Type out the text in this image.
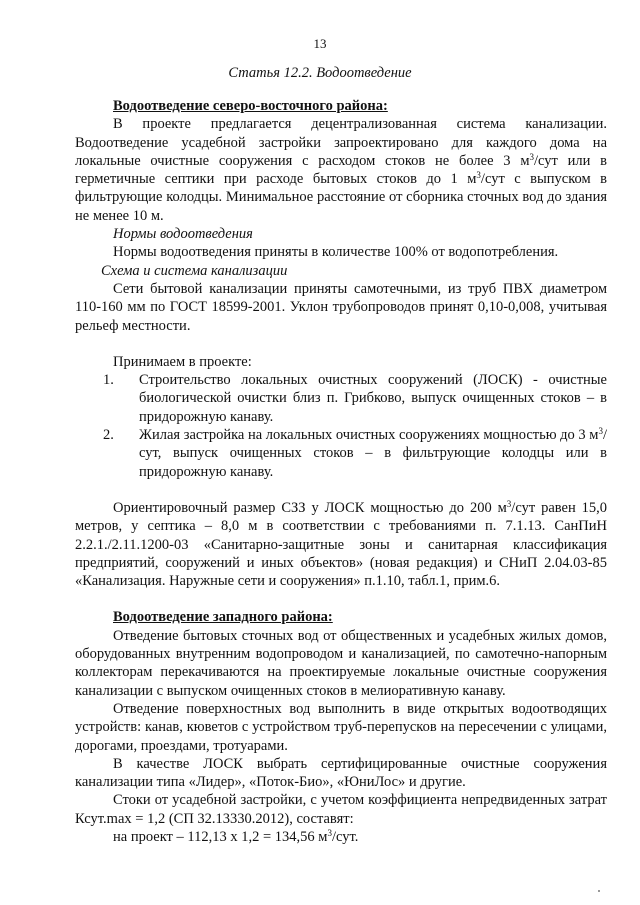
13
Статья 12.2. Водоотведение

Водоотведение северо-восточного района:

В проекте предлагается децентрализованная система канализации. Водоотведение усадебной застройки запроектировано для каждого дома на локальные очистные сооружения с расходом стоков не более 3 $м^3$/сут или в герметичные септики при расходе бытовых стоков до 1 $м^3$/сут с выпуском в фильтрующие колодцы. Минимальное расстояние от сборника сточных вод до здания не менее 10 м.

Нормы водоотведения

Нормы водоотведения приняты в количестве 100% от водопотребления.

Схема и система канализации

Сети бытовой канализации приняты самотечными, из труб ПВХ диаметром 110-160 мм по ГОСТ 18599-2001. Уклон трубопроводов принят 0,10-0,008, учитывая рельеф местности.

Принимаем в проекте:

1. Строительство локальных очистных сооружений (ЛОСК) - очистные биологической очистки близ п. Грибково, выпуск очищенных стоков – в придорожную канаву.
2. Жилая застройка на локальных очистных сооружениях мощностью до 3 $м^3$/сут, выпуск очищенных стоков – в фильтрующие колодцы или в придорожную канаву.

Ориентировочный размер СЗЗ у ЛОСК мощностью до 200 $м^3$/сут равен 15,0 метров, у септика – 8,0 м в соответствии с требованиями п. 7.1.13. СанПиН 2.2.1./2.11.1200-03 «Санитарно-защитные зоны и санитарная классификация предприятий, сооружений и иных объектов» (новая редакция) и СНиП 2.04.03-85 «Канализация. Наружные сети и сооружения» п.1.10, табл.1, прим.6.

Водоотведение западного района:

Отведение бытовых сточных вод от общественных и усадебных жилых домов, оборудованных внутренним водопроводом и канализацией, по самотечно-напорным коллекторам перекачиваются на проектируемые локальные очистные сооружения канализации с выпуском очищенных стоков в мелиоративную канаву.

Отведение поверхностных вод выполнить в виде открытых водоотводящих устройств: канав, кюветов с устройством труб-перепусков на пересечении с улицами, дорогами, проездами, тротуарами.

В качестве ЛОСК выбрать сертифицированные очистные сооружения канализации типа «Лидер», «Поток-Био», «ЮниЛос» и другие.

Стоки от усадебной застройки, с учетом коэффициента непредвиденных затрат Ксут.max = 1,2 (СП 32.13330.2012), составят:

на проект – 112,13 х 1,2 = 134,56 $м^3$/сут.
